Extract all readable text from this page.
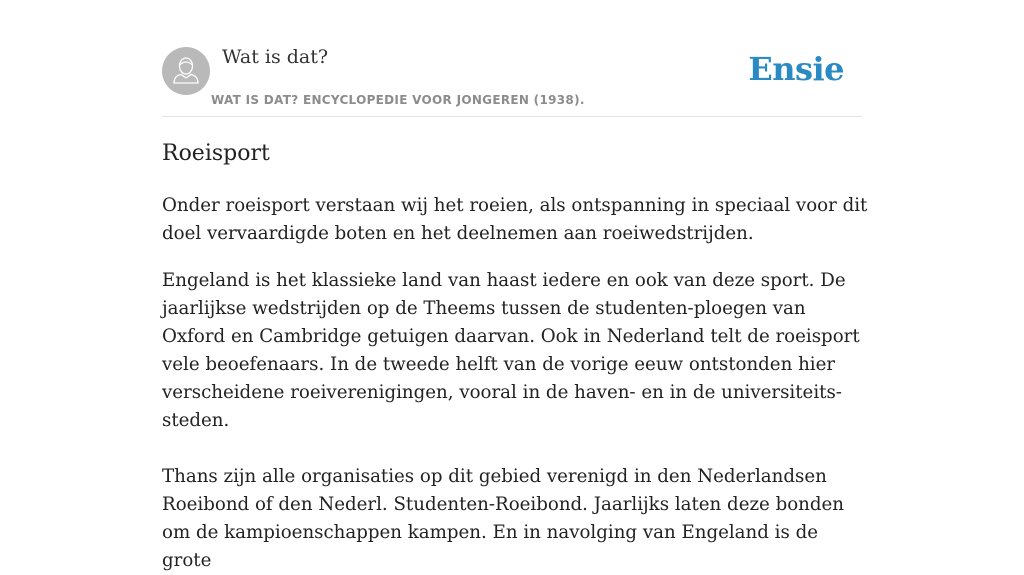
Wat is dat?
WAT IS DAT? ENCYCLOPEDIE VOOR JONGEREN (1938).
Ensie
Roeisport

Onder roeisport verstaan wij het roeien, als ontspanning in speciaal voor dit doel vervaardigde boten en het deelnemen aan roeiwedstrijden.

Engeland is het klassieke land van haast iedere en ook van deze sport. De jaarlijkse wedstrijden op de Theems tussen de studenten-ploegen van Oxford en Cambridge getuigen daarvan. Ook in Nederland telt de roeisport vele beoefenaars. In de tweede helft van de vorige eeuw ontstonden hier verscheidene roeiverenigingen, vooral in de haven- en in de universiteits-steden.

Thans zijn alle organisaties op dit gebied verenigd in den Nederlandsen Roeibond of den Nederl. Studenten-Roeibond. Jaarlijks laten deze bonden om de kampioenschappen kampen. En in navolging van Engeland is de grote
